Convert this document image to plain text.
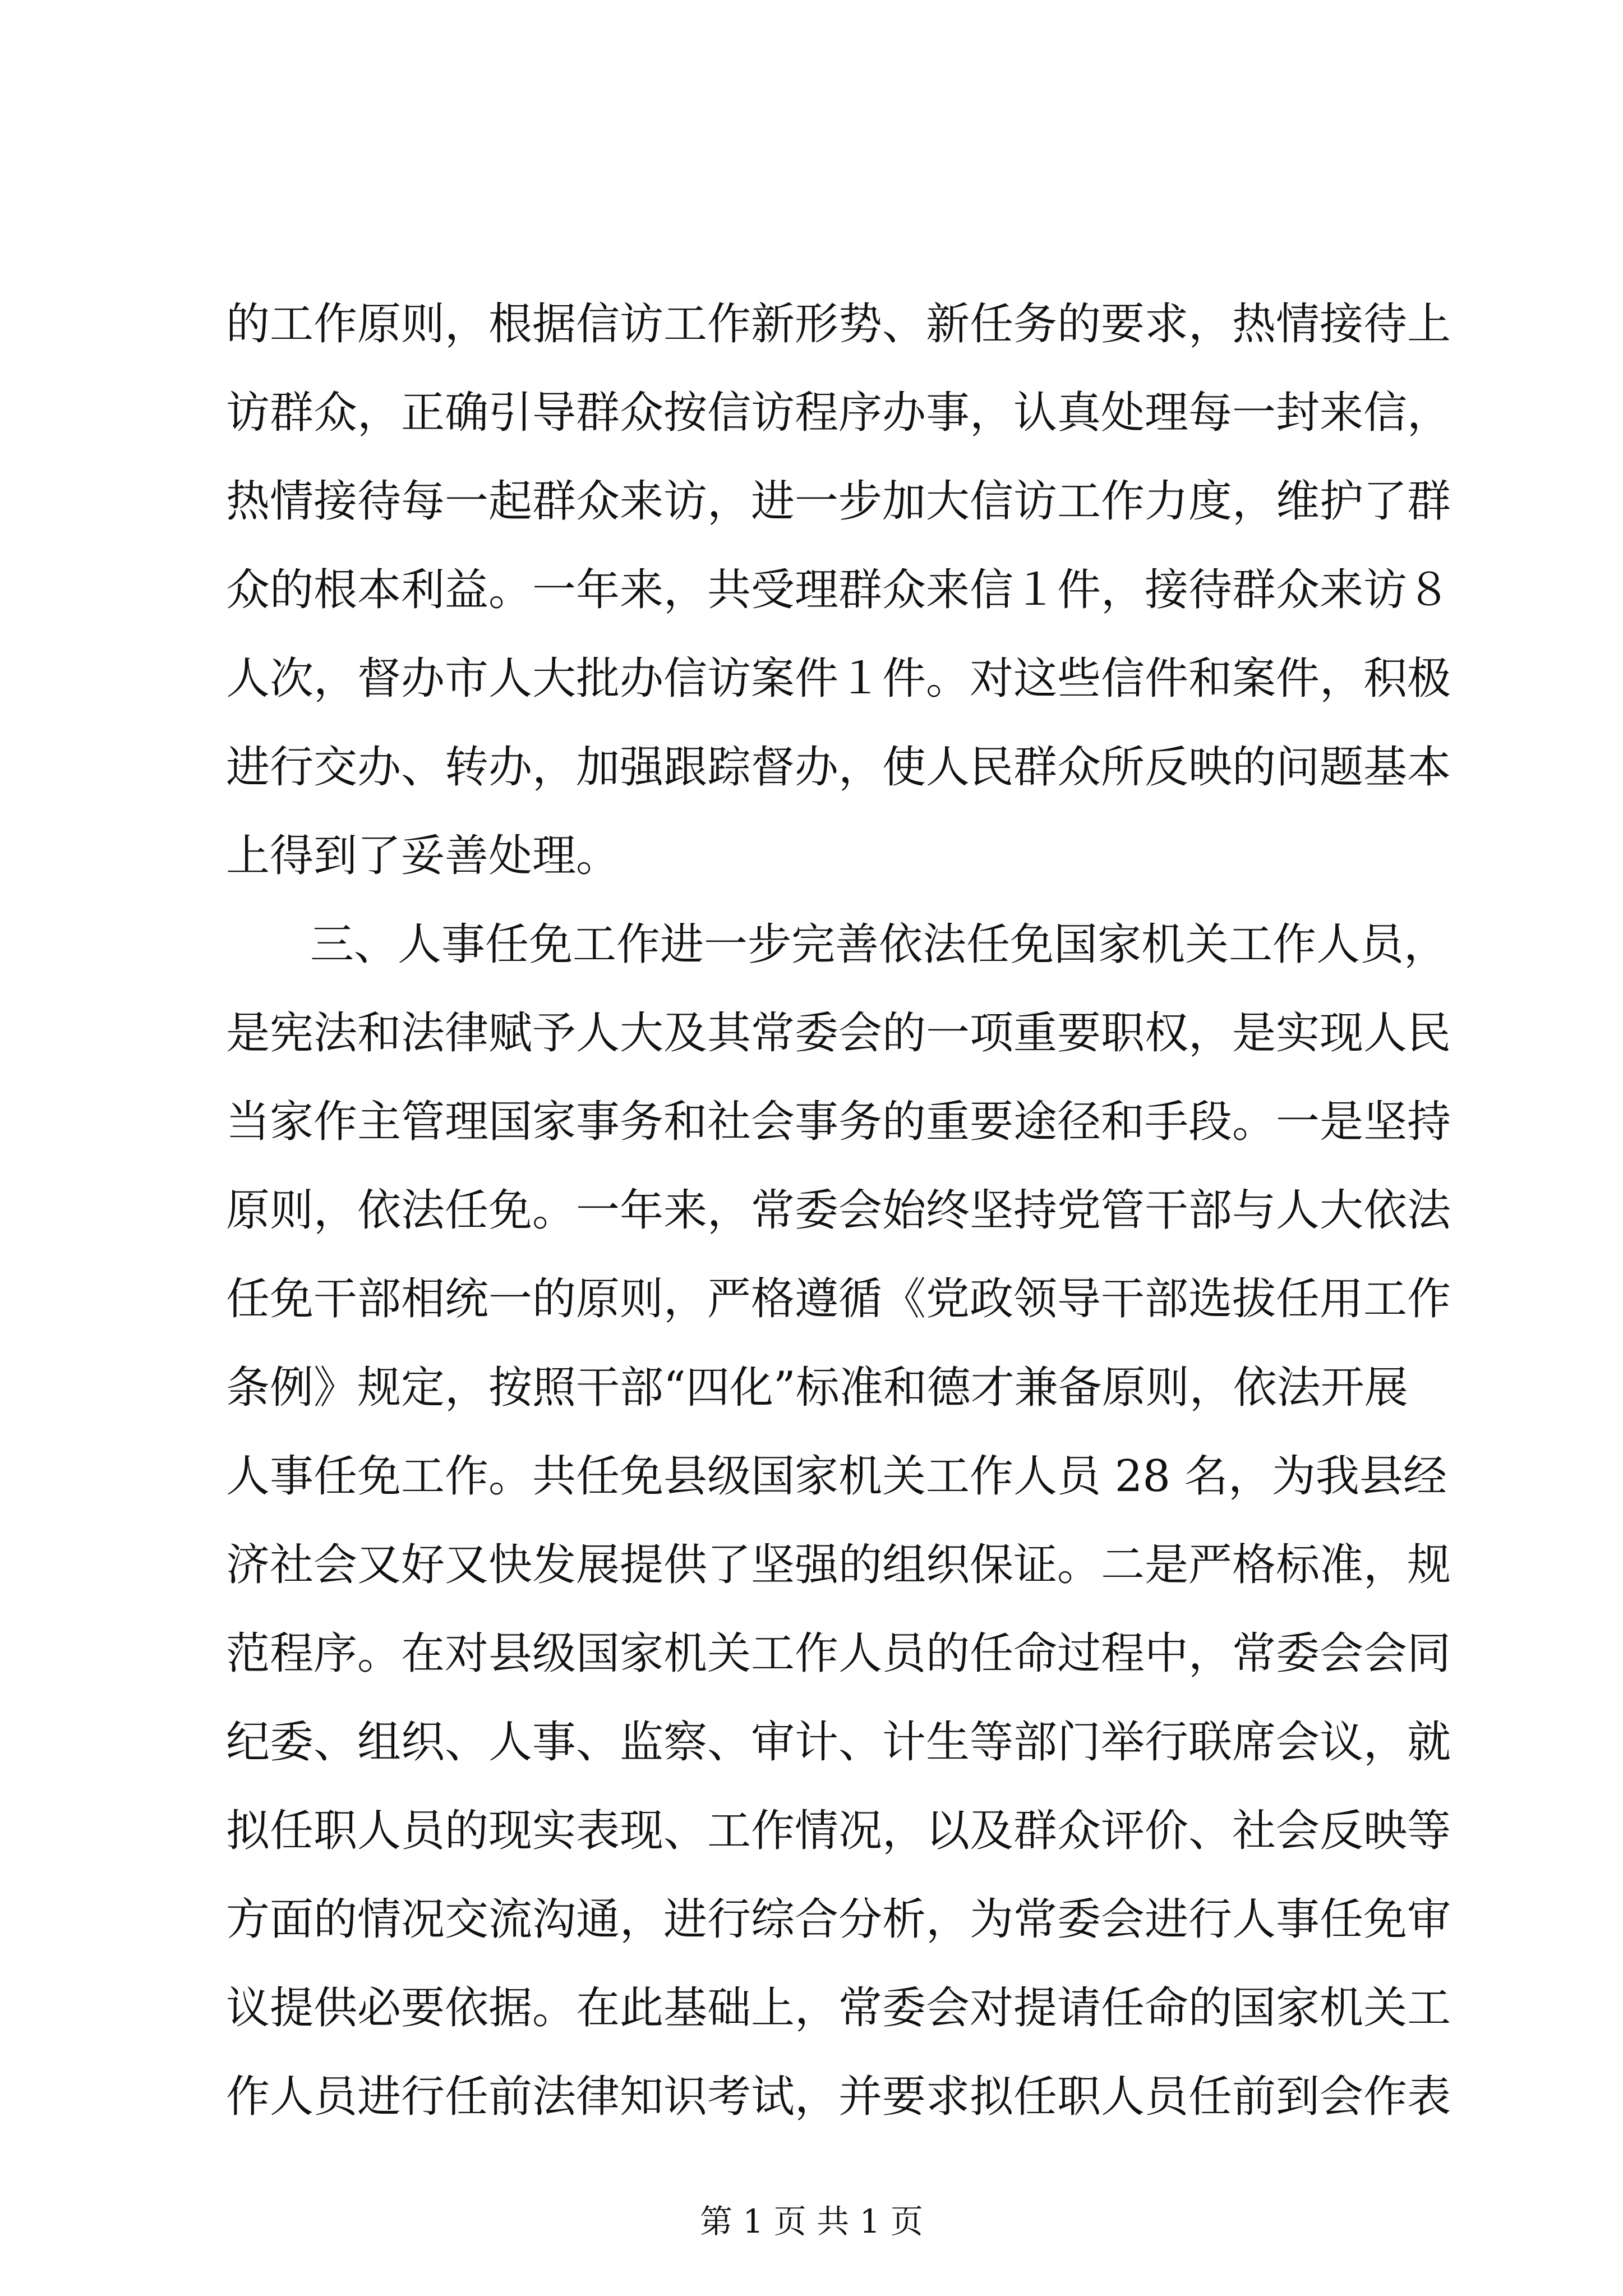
的工作原则，根据信访工作新形势、新任务的要求，热情接待上
访群众，正确引导群众按信访程序办事，认真处理每一封来信，
热情接待每一起群众来访，进一步加大信访工作力度，维护了群
众的根本利益。一年来，共受理群众来信１件，接待群众来访８
人次，督办市人大批办信访案件１件。对这些信件和案件，积极
进行交办、转办，加强跟踪督办，使人民群众所反映的问题基本
上得到了妥善处理。
三、人事任免工作进一步完善依法任免国家机关工作人员，
是宪法和法律赋予人大及其常委会的一项重要职权，是实现人民
当家作主管理国家事务和社会事务的重要途径和手段。一是坚持
原则，依法任免。一年来，常委会始终坚持党管干部与人大依法
任免干部相统一的原则，严格遵循《党政领导干部选拔任用工作
条例》规定，按照干部“四化”标准和德才兼备原则，依法开展
人事任免工作。共任免县级国家机关工作人员 28 名，为我县经
济社会又好又快发展提供了坚强的组织保证。二是严格标准，规
范程序。在对县级国家机关工作人员的任命过程中，常委会会同
纪委、组织、人事、监察、审计、计生等部门举行联席会议，就
拟任职人员的现实表现、工作情况，以及群众评价、社会反映等
方面的情况交流沟通，进行综合分析，为常委会进行人事任免审
议提供必要依据。在此基础上，常委会对提请任命的国家机关工
作人员进行任前法律知识考试，并要求拟任职人员任前到会作表
第 1 页 共 1 页
